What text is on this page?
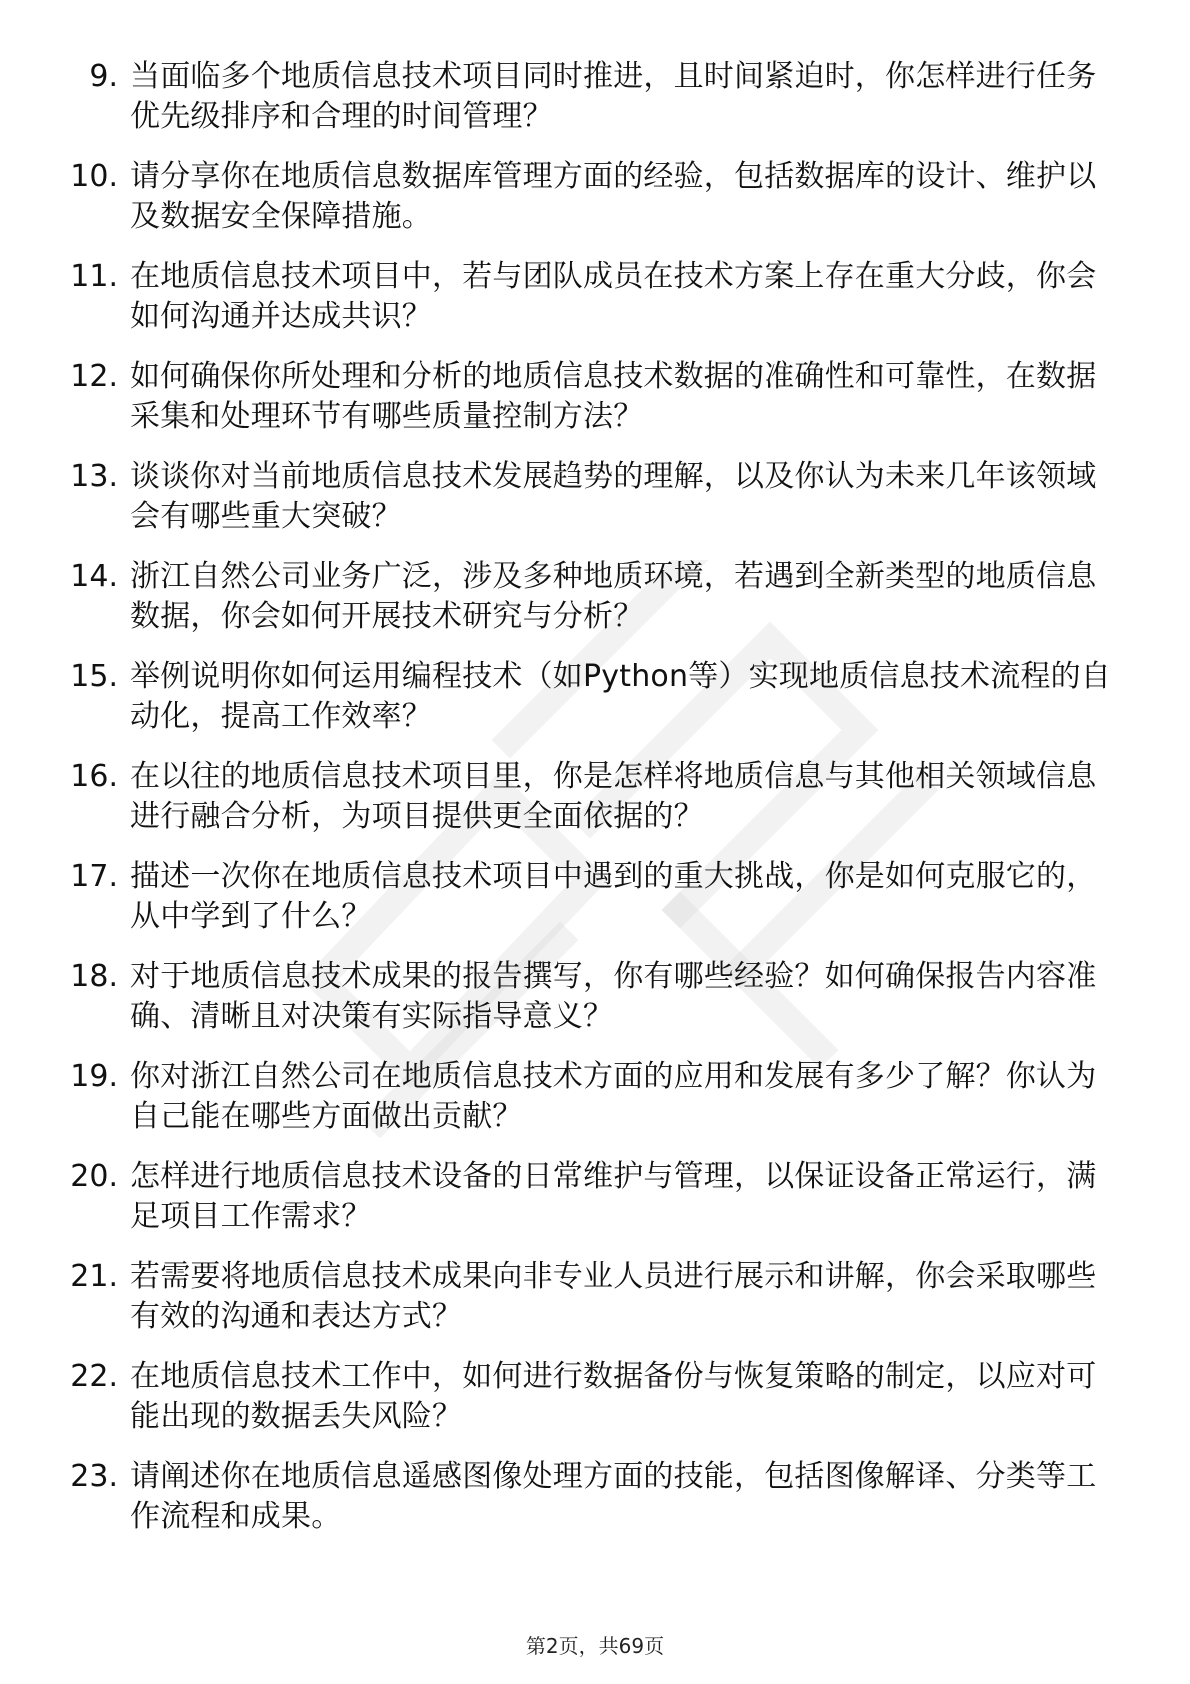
9. 当面临多个地质信息技术项目同时推进，且时间紧迫时，你怎样进行任务优先级排序和合理的时间管理？
10. 请分享你在地质信息数据库管理方面的经验，包括数据库的设计、维护以及数据安全保障措施。
11. 在地质信息技术项目中，若与团队成员在技术方案上存在重大分歧，你会如何沟通并达成共识？
12. 如何确保你所处理和分析的地质信息技术数据的准确性和可靠性，在数据采集和处理环节有哪些质量控制方法？
13. 谈谈你对当前地质信息技术发展趋势的理解，以及你认为未来几年该领域会有哪些重大突破？
14. 浙江自然公司业务广泛，涉及多种地质环境，若遇到全新类型的地质信息数据，你会如何开展技术研究与分析？
15. 举例说明你如何运用编程技术（如Python等）实现地质信息技术流程的自动化，提高工作效率？
16. 在以往的地质信息技术项目里，你是怎样将地质信息与其他相关领域信息进行融合分析，为项目提供更全面依据的？
17. 描述一次你在地质信息技术项目中遇到的重大挑战，你是如何克服它的，从中学到了什么？
18. 对于地质信息技术成果的报告撰写，你有哪些经验？如何确保报告内容准确、清晰且对决策有实际指导意义？
19. 你对浙江自然公司在地质信息技术方面的应用和发展有多少了解？你认为自己能在哪些方面做出贡献？
20. 怎样进行地质信息技术设备的日常维护与管理，以保证设备正常运行，满足项目工作需求？
21. 若需要将地质信息技术成果向非专业人员进行展示和讲解，你会采取哪些有效的沟通和表达方式？
22. 在地质信息技术工作中，如何进行数据备份与恢复策略的制定，以应对可能出现的数据丢失风险？
23. 请阐述你在地质信息遥感图像处理方面的技能，包括图像解译、分类等工作流程和成果。
第2页，共69页
